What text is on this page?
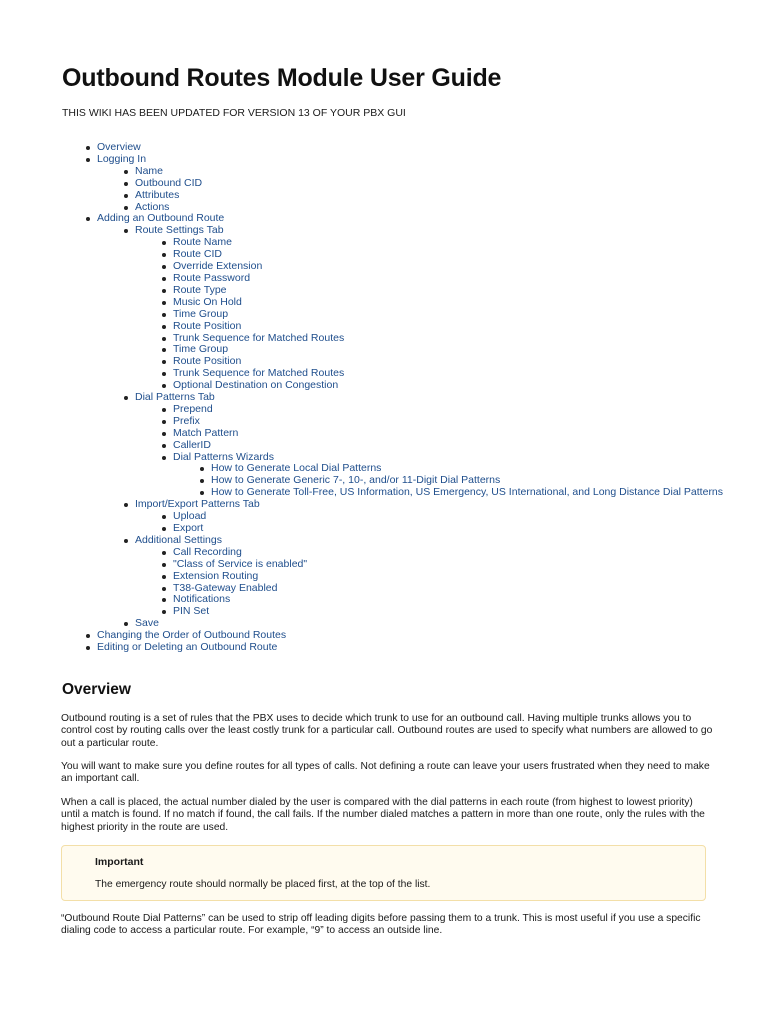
Outbound Routes Module User Guide

THIS WIKI HAS BEEN UPDATED FOR VERSION 13 OF YOUR PBX GUI

Overview
Logging In
Name
Outbound CID
Attributes
Actions
Adding an Outbound Route
Route Settings Tab
Route Name
Route CID
Override Extension
Route Password
Route Type
Music On Hold
Time Group
Route Position
Trunk Sequence for Matched Routes
Time Group
Route Position
Trunk Sequence for Matched Routes
Optional Destination on Congestion
Dial Patterns Tab
Prepend
Prefix
Match Pattern
CallerID
Dial Patterns Wizards
How to Generate Local Dial Patterns
How to Generate Generic 7-, 10-, and/or 11-Digit Dial Patterns
How to Generate Toll-Free, US Information, US Emergency, US International, and Long Distance Dial Patterns
Import/Export Patterns Tab
Upload
Export
Additional Settings
Call Recording
"Class of Service is enabled"
Extension Routing
T38-Gateway Enabled
Notifications
PIN Set
Save
Changing the Order of Outbound Routes
Editing or Deleting an Outbound Route
Overview

Outbound routing is a set of rules that the PBX uses to decide which trunk to use for an outbound call. Having multiple trunks allows you to control cost by routing calls over the least costly trunk for a particular call. Outbound routes are used to specify what numbers are allowed to go out a particular route.

You will want to make sure you define routes for all types of calls. Not defining a route can leave your users frustrated when they need to make an important call.

When a call is placed, the actual number dialed by the user is compared with the dial patterns in each route (from highest to lowest priority) until a match is found. If no match if found, the call fails. If the number dialed matches a pattern in more than one route, only the rules with the highest priority in the route are used.

Important
The emergency route should normally be placed first, at the top of the list.

“Outbound Route Dial Patterns” can be used to strip off leading digits before passing them to a trunk. This is most useful if you use a specific dialing code to access a particular route. For example, “9” to access an outside line.
